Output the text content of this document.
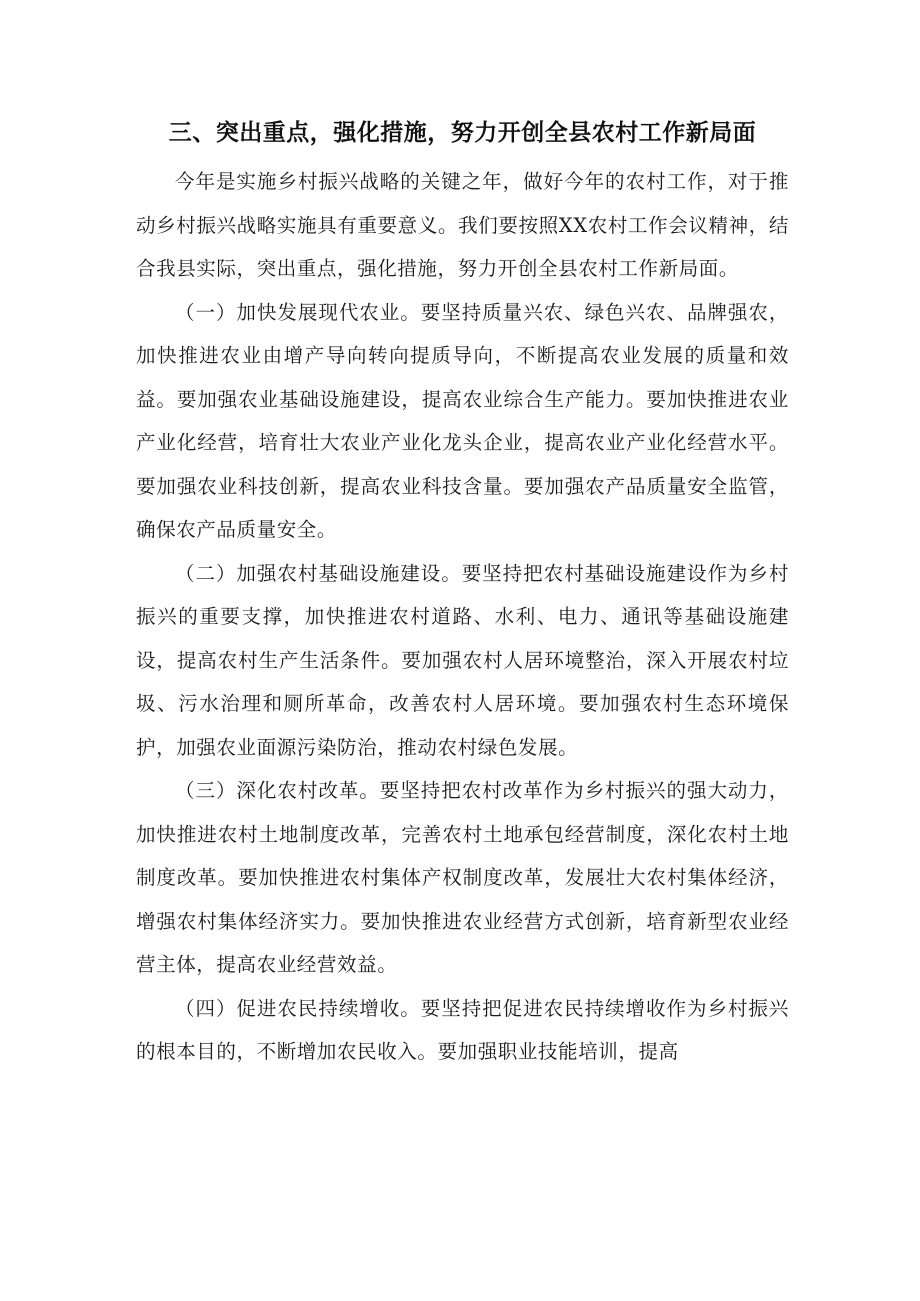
三、突出重点，强化措施，努力开创全县农村工作新局面

今年是实施乡村振兴战略的关键之年，做好今年的农村工作，对于推动乡村振兴战略实施具有重要意义。我们要按照XX农村工作会议精神，结合我县实际，突出重点，强化措施，努力开创全县农村工作新局面。

（一）加快发展现代农业。要坚持质量兴农、绿色兴农、品牌强农，加快推进农业由增产导向转向提质导向，不断提高农业发展的质量和效益。要加强农业基础设施建设，提高农业综合生产能力。要加快推进农业产业化经营，培育壮大农业产业化龙头企业，提高农业产业化经营水平。要加强农业科技创新，提高农业科技含量。要加强农产品质量安全监管，确保农产品质量安全。

（二）加强农村基础设施建设。要坚持把农村基础设施建设作为乡村振兴的重要支撑，加快推进农村道路、水利、电力、通讯等基础设施建设，提高农村生产生活条件。要加强农村人居环境整治，深入开展农村垃圾、污水治理和厕所革命，改善农村人居环境。要加强农村生态环境保护，加强农业面源污染防治，推动农村绿色发展。

（三）深化农村改革。要坚持把农村改革作为乡村振兴的强大动力，加快推进农村土地制度改革，完善农村土地承包经营制度，深化农村土地制度改革。要加快推进农村集体产权制度改革，发展壮大农村集体经济，增强农村集体经济实力。要加快推进农业经营方式创新，培育新型农业经营主体，提高农业经营效益。

（四）促进农民持续增收。要坚持把促进农民持续增收作为乡村振兴的根本目的，不断增加农民收入。要加强职业技能培训，提高
